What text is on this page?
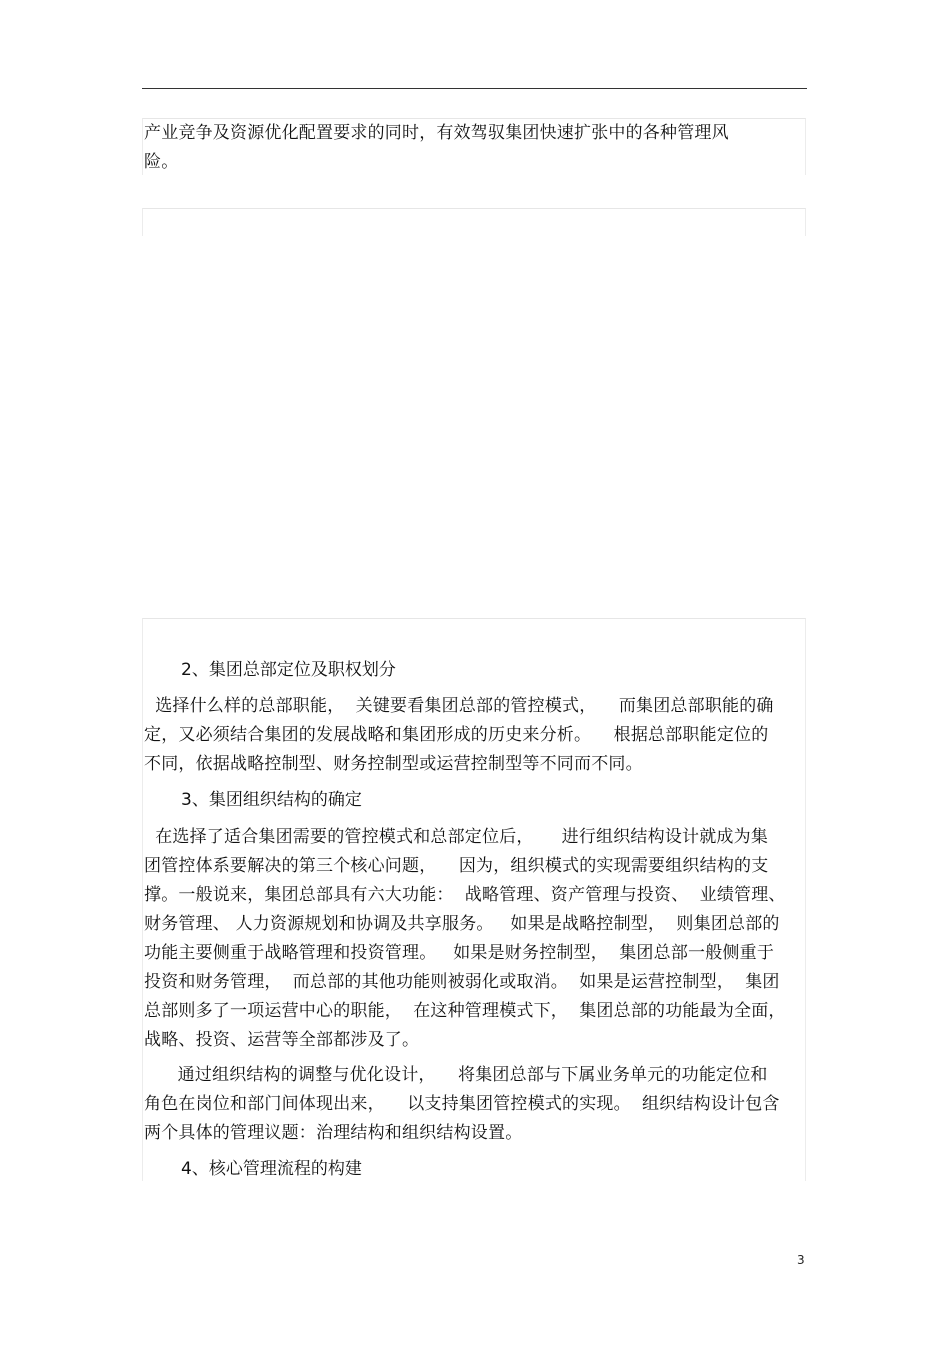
产业竞争及资源优化配置要求的同时，有效驾驭集团快速扩张中的各种管理风
险。

2、集团总部定位及职权划分

选择什么样的总部职能，  关键要看集团总部的管控模式，    而集团总部职能的确
定，又必须结合集团的发展战略和集团形成的历史来分析。    根据总部职能定位的
不同，依据战略控制型、财务控制型或运营控制型等不同而不同。

3、集团组织结构的确定

在选择了适合集团需要的管控模式和总部定位后，     进行组织结构设计就成为集
团管控体系要解决的第三个核心问题，    因为，组织模式的实现需要组织结构的支
撑。一般说来，集团总部具有六大功能：  战略管理、资产管理与投资、  业绩管理、
财务管理、 人力资源规划和协调及共享服务。   如果是战略控制型，  则集团总部的
功能主要侧重于战略管理和投资管理。   如果是财务控制型，  集团总部一般侧重于
投资和财务管理，  而总部的其他功能则被弱化或取消。  如果是运营控制型，  集团
总部则多了一项运营中心的职能，  在这种管理模式下，  集团总部的功能最为全面，
战略、投资、运营等全部都涉及了。
通过组织结构的调整与优化设计，    将集团总部与下属业务单元的功能定位和
角色在岗位和部门间体现出来，    以支持集团管控模式的实现。  组织结构设计包含
两个具体的管理议题：治理结构和组织结构设置。

4、核心管理流程的构建

3
